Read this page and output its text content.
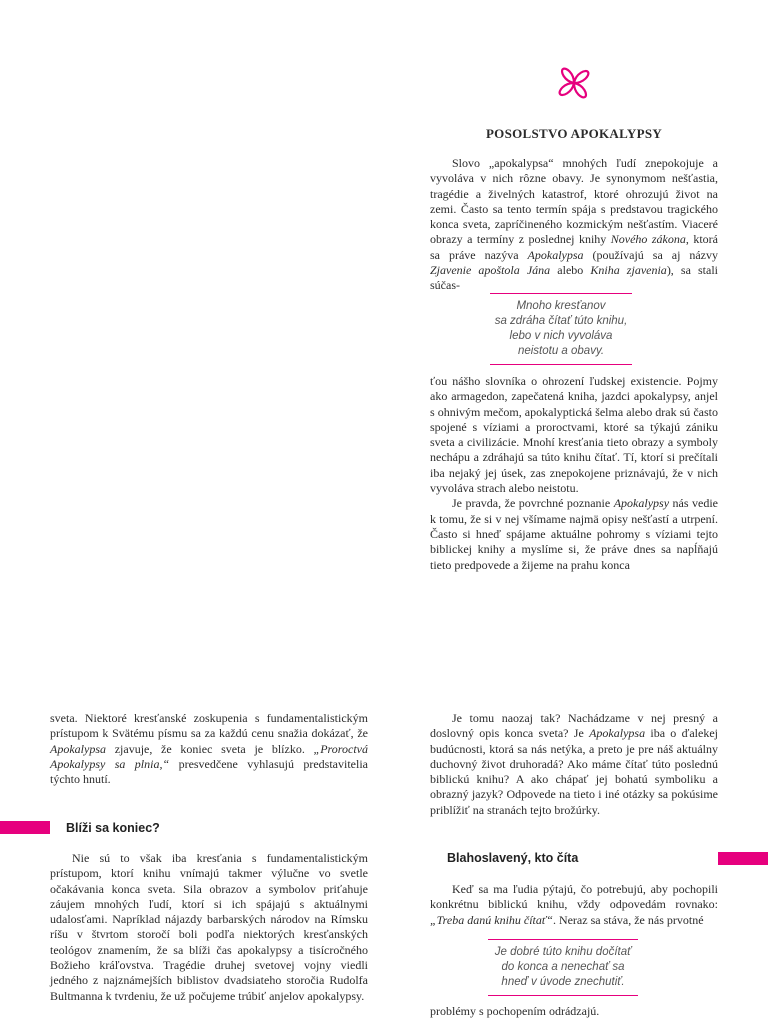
POSOLSTVO APOKALYPSY

Slovo „apokalypsa“ mnohých ľudí znepokojuje a vyvoláva v nich rôzne obavy. Je synonymom nešťastia, tragédie a živelných katastrof, ktoré ohrozujú život na zemi. Často sa tento termín spája s predstavou tragického konca sveta, zapríčineného kozmickým nešťastím. Viaceré obrazy a termíny z poslednej knihy Nového zákona, ktorá sa práve nazýva Apokalypsa (používajú sa aj názvy Zjavenie apoštola Jána alebo Kniha zjavenia), sa stali súčas-

Mnoho kresťanov
sa zdráha čítať túto knihu,
lebo v nich vyvoláva
neistotu a obavy.

ťou nášho slovníka o ohrození ľudskej existencie. Pojmy ako armagedon, zapečatená kniha, jazdci apokalypsy, anjel s ohnivým mečom, apokalyptická šelma alebo drak sú často spojené s víziami a proroctvami, ktoré sa týkajú zániku sveta a civilizácie. Mnohí kresťania tieto obrazy a symboly nechápu a zdráhajú sa túto knihu čítať. Tí, ktorí si prečítali iba nejaký jej úsek, zas znepokojene priznávajú, že v nich vyvoláva strach alebo neistotu.

Je pravda, že povrchné poznanie Apokalypsy nás vedie k tomu, že si v nej všímame najmä opisy nešťastí a utrpení. Často si hneď spájame aktuálne pohromy s víziami tejto biblickej knihy a myslíme si, že práve dnes sa napĺňajú tieto predpovede a žijeme na prahu konca

sveta. Niektoré kresťanské zoskupenia s fundamentalistickým prístupom k Svätému písmu sa za každú cenu snažia dokázať, že Apokalypsa zjavuje, že koniec sveta je blízko. „Proroctvá Apokalypsy sa plnia,“ presvedčene vyhlasujú predstavitelia týchto hnutí.

Blíži sa koniec?

Nie sú to však iba kresťania s fundamentalistickým prístupom, ktorí knihu vnímajú takmer výlučne vo svetle očakávania konca sveta. Sila obrazov a symbolov priťahuje záujem mnohých ľudí, ktorí si ich spájajú s aktuálnymi udalosťami. Napríklad nájazdy barbarských národov na Rímsku ríšu v štvrtom storočí boli podľa niektorých kresťanských teológov znamením, že sa blíži čas apokalypsy a tisícročného Božieho kráľovstva. Tragédie druhej svetovej vojny viedli jedného z najznámejších biblistov dvadsiateho storočia Rudolfa Bultmanna k tvrdeniu, že už počujeme trúbiť anjelov apokalypsy.

Je tomu naozaj tak? Nachádzame v nej presný a doslovný opis konca sveta? Je Apokalypsa iba o ďalekej budúcnosti, ktorá sa nás netýka, a preto je pre náš aktuálny duchovný život druhoradá? Ako máme čítať túto poslednú biblickú knihu? A ako chápať jej bohatú symboliku a obrazný jazyk? Odpovede na tieto i iné otázky sa pokúsime priblížiť na stranách tejto brožúrky.

Blahoslavený, kto číta

Keď sa ma ľudia pýtajú, čo potrebujú, aby pochopili konkrétnu biblickú knihu, vždy odpovedám rovnako: „Treba danú knihu čítať“. Neraz sa stáva, že nás prvotné

Je dobré túto knihu dočítať
do konca a nenechať sa
hneď v úvode znechutiť.

problémy s pochopením odrádzajú.
